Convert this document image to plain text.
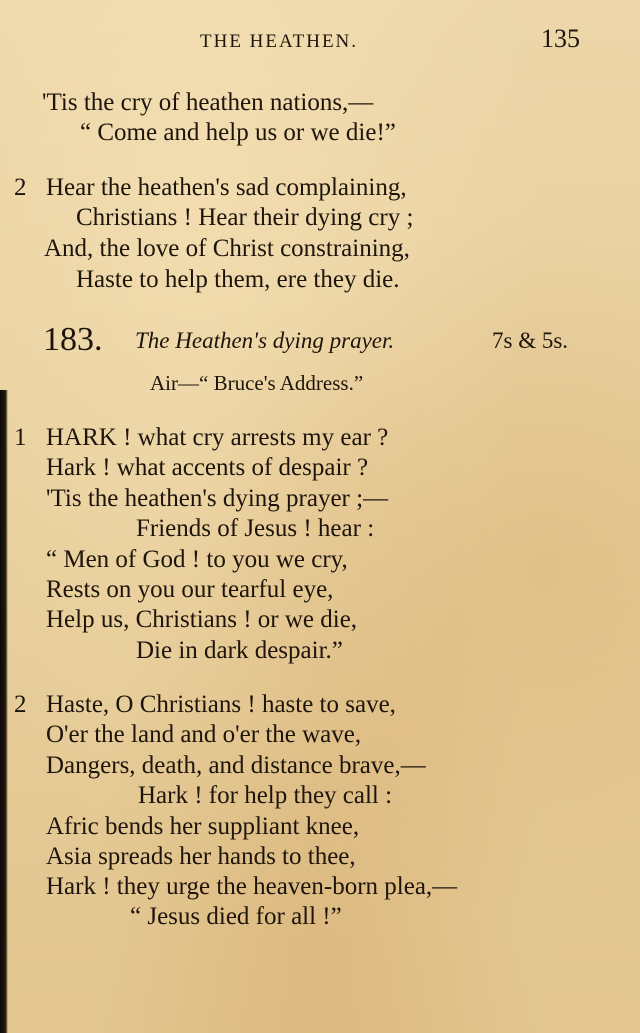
THE HEATHEN.	135
'Tis the cry of heathen nations,—
“ Come and help us or we die!”
2 Hear the heathen's sad complaining,
Christians ! Hear their dying cry ;
And, the love of Christ constraining,
Haste to help them, ere they die.
183. The Heathen's dying prayer.	7s & 5s.
Air—“ Bruce's Address.”
1 HARK ! what cry arrests my ear ?
Hark ! what accents of despair ?
'Tis the heathen's dying prayer ;—
Friends of Jesus ! hear :
“ Men of God ! to you we cry,
Rests on you our tearful eye,
Help us, Christians ! or we die,
Die in dark despair.”
2 Haste, O Christians ! haste to save,
O'er the land and o'er the wave,
Dangers, death, and distance brave,—
Hark ! for help they call :
Afric bends her suppliant knee,
Asia spreads her hands to thee,
Hark ! they urge the heaven-born plea,—
“ Jesus died for all !”
